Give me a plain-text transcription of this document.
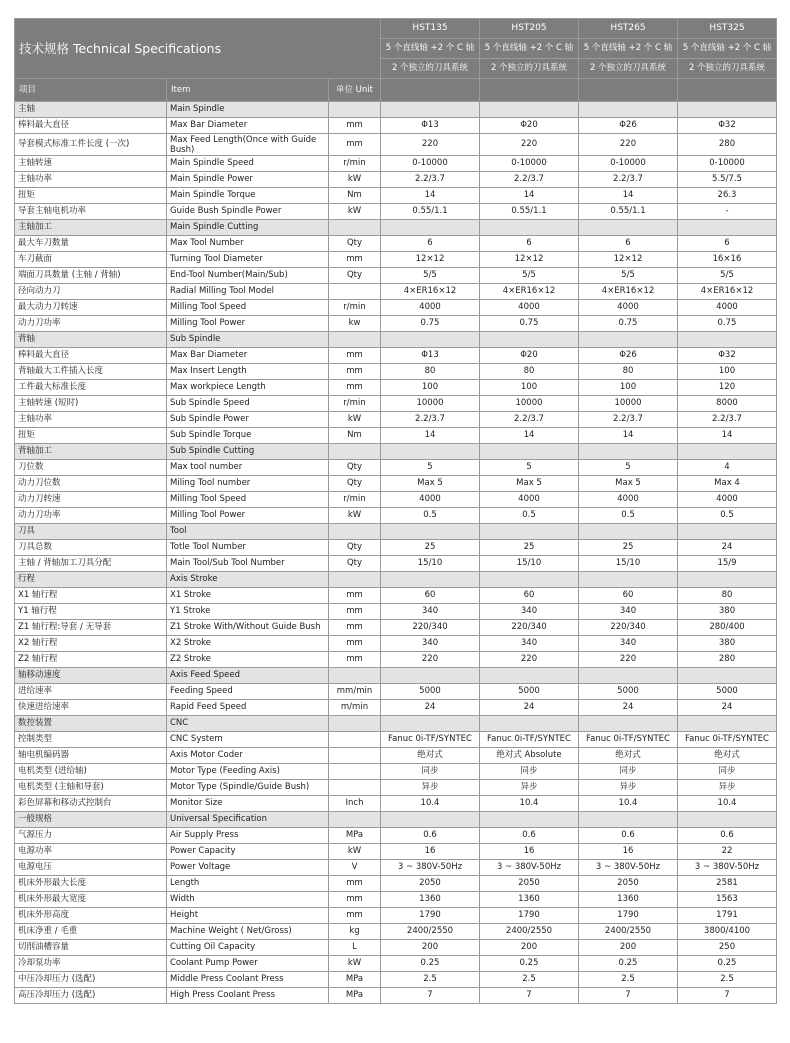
技术规格 Technical Specifications			HST135	HST205	HST265	HST325
			5 个直线轴 +2 个 C 轴	5 个直线轴 +2 个 C 轴	5 个直线轴 +2 个 C 轴	5 个直线轴 +2 个 C 轴
			2 个独立的刀具系统	2 个独立的刀具系统	2 个独立的刀具系统	2 个独立的刀具系统
项目	Item	单位 Unit				
主轴	Main Spindle					
棒料最大直径	Max Bar Diameter	mm	Φ13	Φ20	Φ26	Φ32
导套模式标准工件长度 (一次)	Max Feed Length(Once with Guide Bush)	mm	220	220	220	280
主轴转速	Main Spindle Speed	r/min	0-10000	0-10000	0-10000	0-10000
主轴功率	Main Spindle Power	kW	2.2/3.7	2.2/3.7	2.2/3.7	5.5/7.5
扭矩	Main Spindle Torque	Nm	14	14	14	26.3
导套主轴电机功率	Guide Bush Spindle Power	kW	0.55/1.1	0.55/1.1	0.55/1.1	-
主轴加工	Main Spindle Cutting					
最大车刀数量	Max Tool Number	Qty	6	6	6	6
车刀截面	Turning Tool Diameter	mm	12×12	12×12	12×12	16×16
端面刀具数量 (主轴 / 背轴)	End-Tool Number(Main/Sub)	Qty	5/5	5/5	5/5	5/5
径向动力刀	Radial Milling Tool Model		4×ER16×12	4×ER16×12	4×ER16×12	4×ER16×12
最大动力刀转速	Milling Tool Speed	r/min	4000	4000	4000	4000
动力刀功率	Milling Tool Power	kw	0.75	0.75	0.75	0.75
背轴	Sub Spindle					
棒料最大直径	Max Bar Diameter	mm	Φ13	Φ20	Φ26	Φ32
背轴最大工件插入长度	Max Insert Length	mm	80	80	80	100
工件最大标准长度	Max workpiece Length	mm	100	100	100	120
主轴转速 (短时)	Sub Spindle Speed	r/min	10000	10000	10000	8000
主轴功率	Sub Spindle Power	kW	2.2/3.7	2.2/3.7	2.2/3.7	2.2/3.7
扭矩	Sub Spindle Torque	Nm	14	14	14	14
背轴加工	Sub Spindle Cutting					
刀位数	Max tool number	Qty	5	5	5	4
动力刀位数	Miling Tool number	Qty	Max 5	Max 5	Max 5	Max 4
动力刀转速	Milling Tool Speed	r/min	4000	4000	4000	4000
动力刀功率	Milling Tool Power	kW	0.5	0.5	0.5	0.5
刀具	Tool					
刀具总数	Totle Tool Number	Qty	25	25	25	24
主轴 / 背轴加工刀具分配	Main Tool/Sub Tool Number	Qty	15/10	15/10	15/10	15/9
行程	Axis Stroke					
X1 轴行程	X1 Stroke	mm	60	60	60	80
Y1 轴行程	Y1 Stroke	mm	340	340	340	380
Z1 轴行程:导套 / 无导套	Z1 Stroke With/Without Guide Bush	mm	220/340	220/340	220/340	280/400
X2 轴行程	X2 Stroke	mm	340	340	340	380
Z2 轴行程	Z2 Stroke	mm	220	220	220	280
轴移动速度	Axis Feed Speed					
进给速率	Feeding Speed	mm/min	5000	5000	5000	5000
快速进给速率	Rapid Feed Speed	m/min	24	24	24	24
数控装置	CNC					
控制类型	CNC System		Fanuc 0i-TF/SYNTEC	Fanuc 0i-TF/SYNTEC	Fanuc 0i-TF/SYNTEC	Fanuc 0i-TF/SYNTEC
轴电机编码器	Axis Motor Coder		绝对式	绝对式 Absolute	绝对式	绝对式
电机类型 (进给轴)	Motor Type (Feeding Axis)		同步	同步	同步	同步
电机类型 (主轴和导套)	Motor Type (Spindle/Guide Bush)		异步	异步	异步	异步
彩色屏幕和移动式控制台	Monitor Size	Inch	10.4	10.4	10.4	10.4
一般规格	Universal Specification					
气源压力	Air Supply Press	MPa	0.6	0.6	0.6	0.6
电源功率	Power Capacity	kW	16	16	16	22
电源电压	Power Voltage	V	3 ~ 380V-50Hz	3 ~ 380V-50Hz	3 ~ 380V-50Hz	3 ~ 380V-50Hz
机床外形最大长度	Length	mm	2050	2050	2050	2581
机床外形最大宽度	Width	mm	1360	1360	1360	1563
机床外形高度	Height	mm	1790	1790	1790	1791
机床净重 / 毛重	Machine Weight ( Net/Gross)	kg	2400/2550	2400/2550	2400/2550	3800/4100
切削油槽容量	Cutting Oil Capacity	L	200	200	200	250
冷却泵功率	Coolant Pump Power	kW	0.25	0.25	0.25	0.25
中压冷却压力 (选配)	Middle Press Coolant Press	MPa	2.5	2.5	2.5	2.5
高压冷却压力 (选配)	High Press Coolant Press	MPa	7	7	7	7
